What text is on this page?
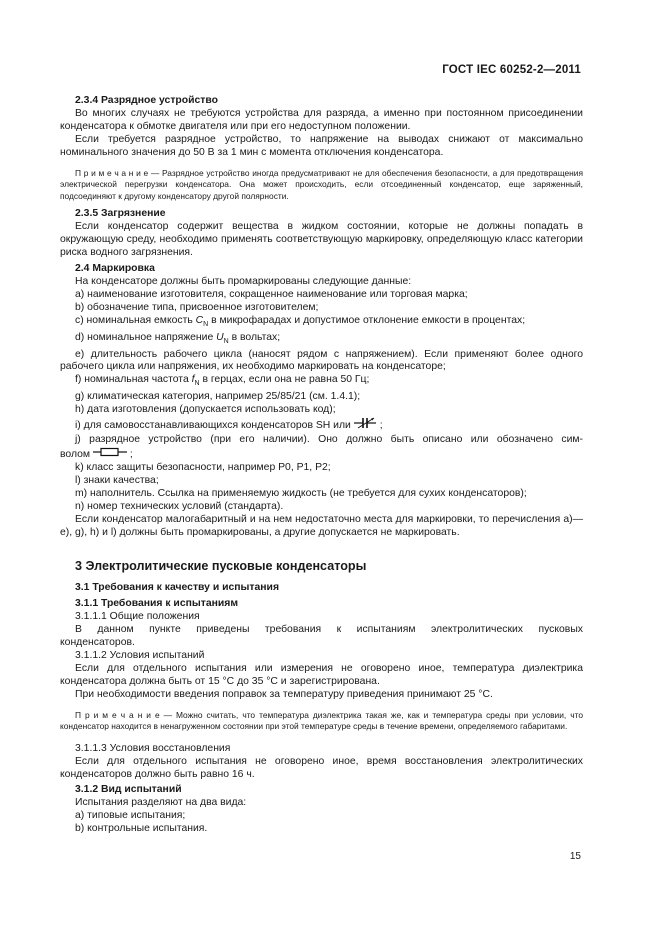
ГОСТ IEC 60252-2—2011

2.3.4 Разрядное устройство

Во многих случаях не требуются устройства для разряда, а именно при постоянном присоединении конденсатора к обмотке двигателя или при его недоступном положении.

Если требуется разрядное устройство, то напряжение на выводах снижают от максимально номинального значения до 50 В за 1 мин с момента отключения конденсатора.

П р и м е ч а н и е — Разрядное устройство иногда предусматривают не для обеспечения безопасности, а для предотвращения электрической перегрузки конденсатора. Она может происходить, если отсоединенный конденсатор, еще заряженный, подсоединяют к другому конденсатору другой полярности.

2.3.5 Загрязнение

Если конденсатор содержит вещества в жидком состоянии, которые не должны попадать в окружающую среду, необходимо применять соответствующую маркировку, определяющую класс категории риска водного загрязнения.

2.4 Маркировка

На конденсаторе должны быть промаркированы следующие данные:

a) наименование изготовителя, сокращенное наименование или торговая марка;

b) обозначение типа, присвоенное изготовителем;

c) номинальная емкость $C_N$ в микрофарадах и допустимое отклонение емкости в процентах;

d) номинальное напряжение $U_N$ в вольтах;

e) длительность рабочего цикла (наносят рядом с напряжением). Если применяют более одного

рабочего цикла или напряжения, их необходимо маркировать на конденсаторе;

f) номинальная частота $f_N$ в герцах, если она не равна 50 Гц;

g) климатическая категория, например 25/85/21 (см. 1.4.1);

h) дата изготовления (допускается использовать код);

i) для самовосстанавливающихся конденсаторов SH или	;

j) разрядное устройство (при его наличии). Оно должно быть описано или обозначено сим-

волом	;

k) класс защиты безопасности, например Р0, Р1, Р2;

l) знаки качества;

m) наполнитель. Ссылка на применяемую жидкость (не требуется для сухих конденсаторов);

n) номер технических условий (стандарта).

Если конденсатор малогабаритный и на нем недостаточно места для маркировки, то перечисления а)—е), g), h) и l) должны быть промаркированы, а другие допускается не маркировать.

3 Электролитические пусковые конденсаторы

3.1 Требования к качеству и испытания

3.1.1 Требования к испытаниям

3.1.1.1 Общие положения

В данном пункте приведены требования к испытаниям электролитических пусковых

конденсаторов.

3.1.1.2 Условия испытаний

Если для отдельного испытания или измерения не оговорено иное, температура диэлектрика конденсатора должна быть от 15 °С до 35 °С и зарегистрирована.

При необходимости введения поправок за температуру приведения принимают 25 °С.

П р и м е ч а н и е — Можно считать, что температура диэлектрика такая же, как и температура среды при условии, что конденсатор находится в ненагруженном состоянии при этой температуре среды в течение времени, определяемого габаритами.

3.1.1.3 Условия восстановления

Если для отдельного испытания не оговорено иное, время восстановления электролитических конденсаторов должно быть равно 16 ч.

3.1.2 Вид испытаний

Испытания разделяют на два вида:

a) типовые испытания;

b) контрольные испытания.

15
